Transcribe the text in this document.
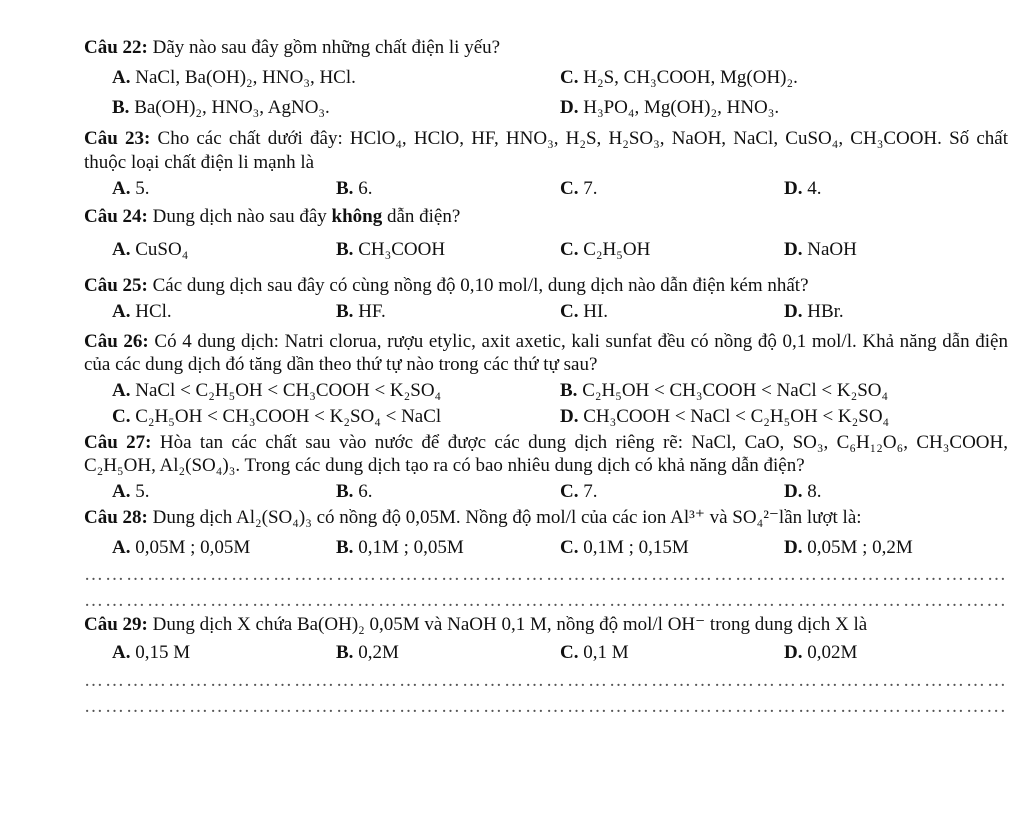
Câu 22: Dãy nào sau đây gồm những chất điện li yếu?
A. NaCl, Ba(OH)₂, HNO₃, HCl.	C. H₂S, CH₃COOH, Mg(OH)₂.
B. Ba(OH)₂, HNO₃, AgNO₃.	D. H₃PO₄, Mg(OH)₂, HNO₃.
Câu 23: Cho các chất dưới đây: HClO₄, HClO, HF, HNO₃, H₂S, H₂SO₃, NaOH, NaCl, CuSO₄, CH₃COOH. Số chất thuộc loại chất điện li mạnh là
A. 5.	B. 6.	C. 7.	D. 4.
Câu 24: Dung dịch nào sau đây không dẫn điện?
A. CuSO₄	B. CH₃COOH	C. C₂H₅OH	D. NaOH
Câu 25: Các dung dịch sau đây có cùng nồng độ 0,10 mol/l, dung dịch nào dẫn điện kém nhất?
A. HCl.	B. HF.	C. HI.	D. HBr.
Câu 26: Có 4 dung dịch: Natri clorua, rượu etylic, axit axetic, kali sunfat đều có nồng độ 0,1 mol/l. Khả năng dẫn điện của các dung dịch đó tăng dần theo thứ tự nào trong các thứ tự sau?
A. NaCl < C₂H₅OH < CH₃COOH < K₂SO₄	B. C₂H₅OH < CH₃COOH < NaCl < K₂SO₄
C. C₂H₅OH < CH₃COOH < K₂SO₄ < NaCl	D. CH₃COOH < NaCl < C₂H₅OH < K₂SO₄
Câu 27: Hòa tan các chất sau vào nước để được các dung dịch riêng rẽ: NaCl, CaO, SO₃, C₆H₁₂O₆, CH₃COOH, C₂H₅OH, Al₂(SO₄)₃. Trong các dung dịch tạo ra có bao nhiêu dung dịch có khả năng dẫn điện?
A. 5.	B. 6.	C. 7.	D. 8.
Câu 28: Dung dịch Al₂(SO₄)₃ có nồng độ 0,05M. Nồng độ mol/l của các ion Al³⁺ và SO₄²⁻lần lượt là:
A. 0,05M ; 0,05M	B. 0,1M ; 0,05M	C. 0,1M ; 0,15M	D. 0,05M ; 0,2M
……………………………………………………………………………………………………………………
…………………………………………………………………………………………………………………...
Câu 29: Dung dịch X chứa Ba(OH)₂ 0,05M và NaOH 0,1 M, nồng độ mol/l OH⁻ trong dung dịch X là
A. 0,15 M	B. 0,2M	C. 0,1 M	D. 0,02M
……………………………………………………………………………………………………………………
…………………………………………………………………………………………………………………...
